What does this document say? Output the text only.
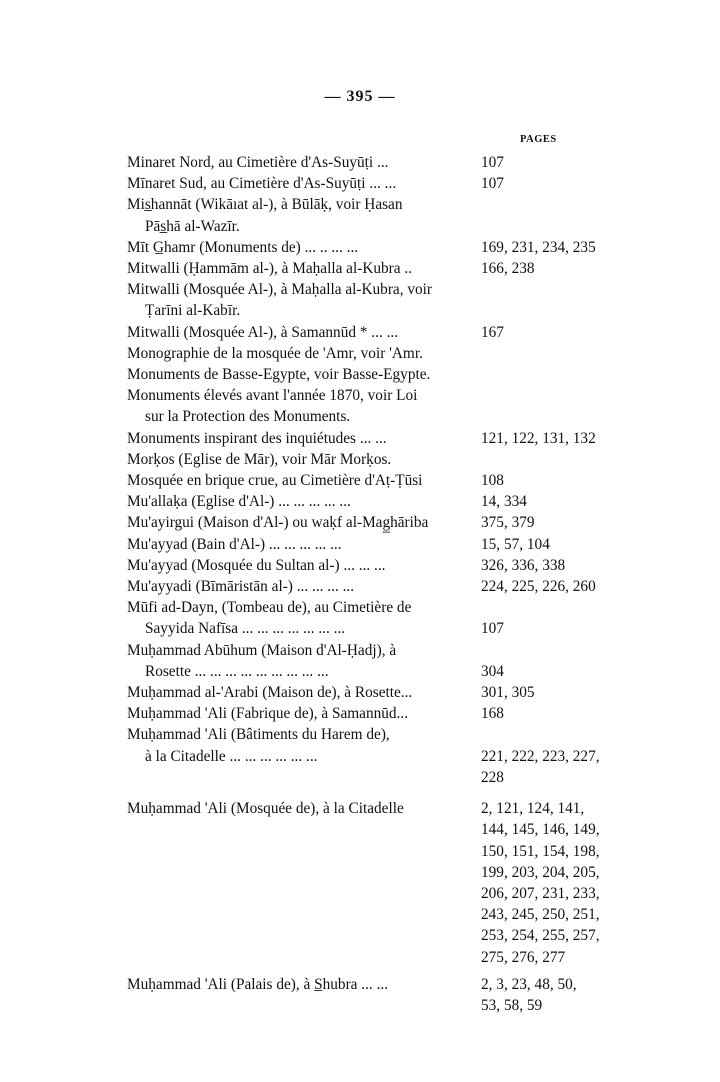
— 395 —
PAGES
Minaret Nord, au Cimetière d'As-Suyūṭi ...	107
Mīnaret Sud, au Cimetière d'As-Suyūṭi ... ...	107
Mis̲hannāt (Wikāıat al-), à Būlāḳ, voir Ḥasan
Pās̲hā al-Wazīr.

Mīt G̲hamr (Monuments de) ... .. ... ...	169, 231, 234, 235
Mitwalli (Ḥammām al-), à Maḥalla al-Kubra ..	166, 238
Mitwalli (Mosquée Al-), à Maḥalla al-Kubra, voir
Ṭarīni al-Kabīr.

Mitwalli (Mosquée Al-), à Samannūd * ... ...	167
Monographie de la mosquée de 'Amr, voir 'Amr.

Monuments de Basse-Egypte, voir Basse-Egypte.

Monuments élevés avant l'année 1870, voir Loi
sur la Protection des Monuments.

Monuments inspirant des inquiétudes ... ...	121, 122, 131, 132
Morḳos (Eglise de Mār), voir Mār Morḳos.

Mosquée en brique crue, au Cimetière d'Aṭ-Ṭūsi	108
Mu'allaḳa (Eglise d'Al-) ... ... ... ... ...	14, 334
Mu'ayirgui (Maison d'Al-) ou waḳf al-Mag̲hāriba	375, 379
Mu'ayyad (Bain d'Al-) ... ... ... ... ...	15, 57, 104
Mu'ayyad (Mosquée du Sultan al-) ... ... ...	326, 336, 338
Mu'ayyadi (Bīmāristān al-) ... ... ... ...	224, 225, 226, 260
Mūfi ad-Dayn, (Tombeau de), au Cimetière de
Sayyida Nafīsa ... ... ... ... ... ... ...
	107
Muḥammad Abūhum (Maison d'Al-Ḥadj), à
Rosette ... ... ... ... ... ... ... ... ...
	304
Muḥammad al-'Arabi (Maison de), à Rosette...	301, 305
Muḥammad 'Ali (Fabrique de), à Samannūd...	168
Muḥammad 'Ali (Bâtiments du Harem de),
à la Citadelle ... ... ... ... ... ...
	221, 222, 223, 227,
228
Muḥammad 'Ali (Mosquée de), à la Citadelle	2, 121, 124, 141,
144, 145, 146, 149,
150, 151, 154, 198,
199, 203, 204, 205,
206, 207, 231, 233,
243, 245, 250, 251,
253, 254, 255, 257,
275, 276, 277
Muḥammad 'Ali (Palais de), à S̲hubra ... ...	2, 3, 23, 48, 50,
53, 58, 59
